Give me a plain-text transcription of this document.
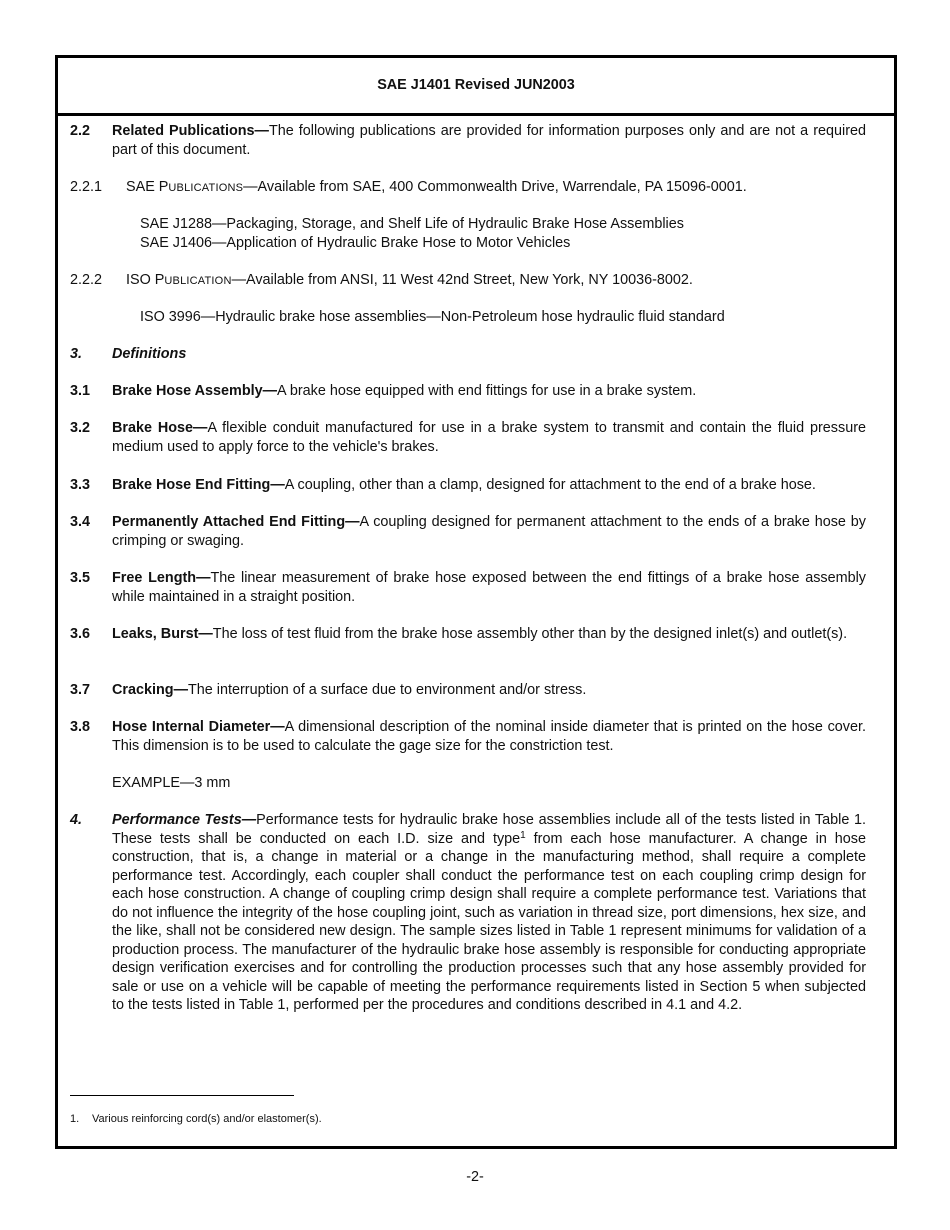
SAE J1401 Revised JUN2003
2.2 Related Publications—The following publications are provided for information purposes only and are not a required part of this document.
2.2.1 SAE PUBLICATIONS—Available from SAE, 400 Commonwealth Drive, Warrendale, PA 15096-0001.
SAE J1288—Packaging, Storage, and Shelf Life of Hydraulic Brake Hose Assemblies
SAE J1406—Application of Hydraulic Brake Hose to Motor Vehicles
2.2.2 ISO PUBLICATION—Available from ANSI, 11 West 42nd Street, New York, NY 10036-8002.
ISO 3996—Hydraulic brake hose assemblies—Non-Petroleum hose hydraulic fluid standard
3. Definitions
3.1 Brake Hose Assembly—A brake hose equipped with end fittings for use in a brake system.
3.2 Brake Hose—A flexible conduit manufactured for use in a brake system to transmit and contain the fluid pressure medium used to apply force to the vehicle's brakes.
3.3 Brake Hose End Fitting—A coupling, other than a clamp, designed for attachment to the end of a brake hose.
3.4 Permanently Attached End Fitting—A coupling designed for permanent attachment to the ends of a brake hose by crimping or swaging.
3.5 Free Length—The linear measurement of brake hose exposed between the end fittings of a brake hose assembly while maintained in a straight position.
3.6 Leaks, Burst—The loss of test fluid from the brake hose assembly other than by the designed inlet(s) and outlet(s).
3.7 Cracking—The interruption of a surface due to environment and/or stress.
3.8 Hose Internal Diameter—A dimensional description of the nominal inside diameter that is printed on the hose cover. This dimension is to be used to calculate the gage size for the constriction test.
EXAMPLE—3 mm
4. Performance Tests—Performance tests for hydraulic brake hose assemblies include all of the tests listed in Table 1. These tests shall be conducted on each I.D. size and type$^1$ from each hose manufacturer. A change in hose construction, that is, a change in material or a change in the manufacturing method, shall require a complete performance test. Accordingly, each coupler shall conduct the performance test on each coupling crimp design for each hose construction. A change of coupling crimp design shall require a complete performance test. Variations that do not influence the integrity of the hose coupling joint, such as variation in thread size, port dimensions, hex size, and the like, shall not be considered new design. The sample sizes listed in Table 1 represent minimums for validation of a production process. The manufacturer of the hydraulic brake hose assembly is responsible for conducting appropriate design verification exercises and for controlling the production processes such that any hose assembly provided for sale or use on a vehicle will be capable of meeting the performance requirements listed in Section 5 when subjected to the tests listed in Table 1, performed per the procedures and conditions described in 4.1 and 4.2.
1. Various reinforcing cord(s) and/or elastomer(s).
-2-
